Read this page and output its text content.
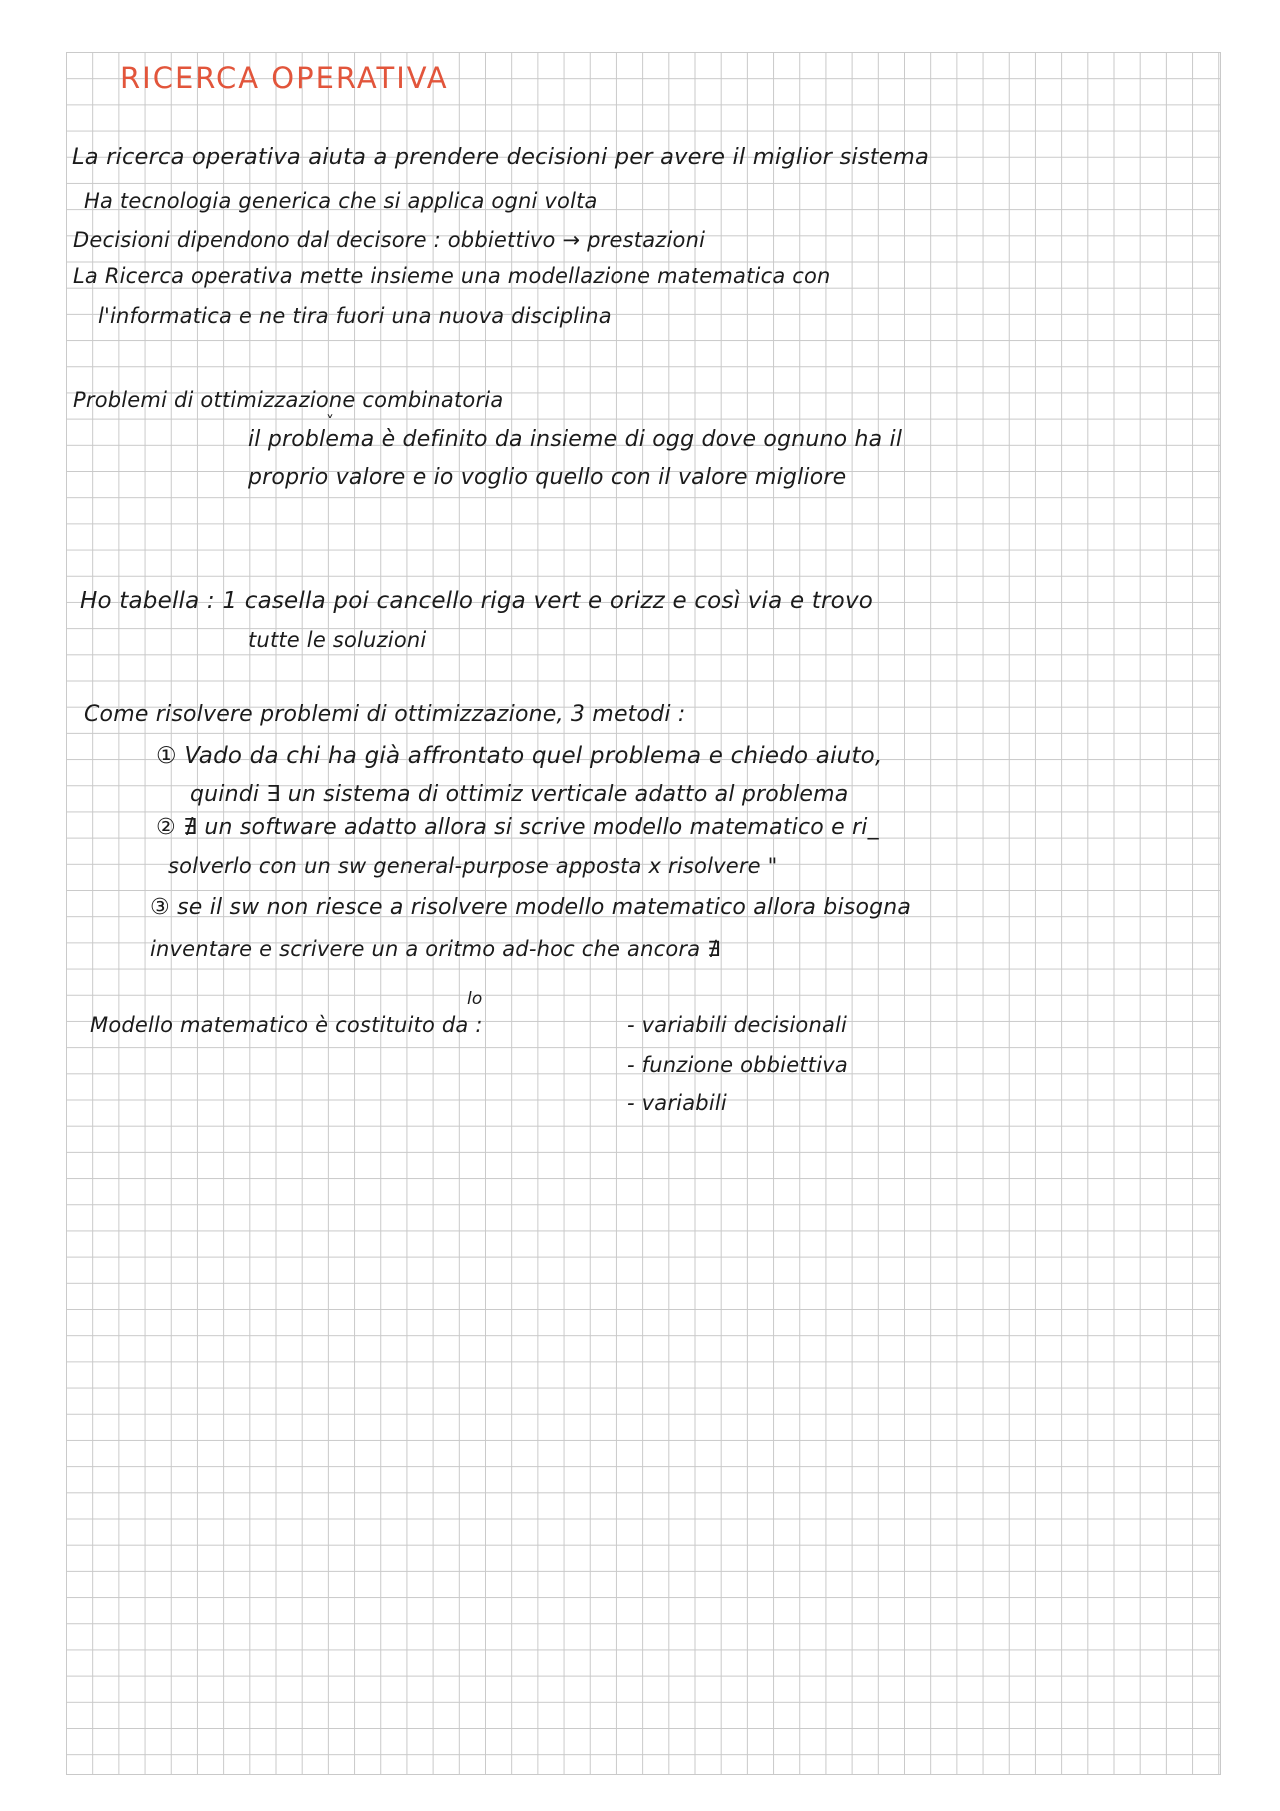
RICERCA OPERATIVA
La ricerca operativa aiuta a prendere decisioni per avere il miglior sistema
Ha tecnologia generica che si applica ogni volta
Decisioni dipendono dal decisore : obbiettivo → prestazioni
La Ricerca operativa mette insieme una modellazione matematica con
l'informatica e ne tira fuori una nuova disciplina
Problemi di ottimizzazione combinatoria
˅
il problema è definito da insieme di ogg dove ognuno ha il
proprio valore e io voglio quello con il valore migliore
Ho tabella : 1 casella poi cancello riga vert e orizz e così via e trovo
tutte le soluzioni
Come risolvere problemi di ottimizzazione, 3 metodi :
① Vado da chi ha già affrontato quel problema e chiedo aiuto,
quindi ∃ un sistema di ottimiz verticale adatto al problema
② ∄ un software adatto allora si scrive modello matematico e ri_
solverlo con un sw general-purpose apposta x risolvere "
③ se il sw non riesce a risolvere modello matematico allora bisogna
inventare e scrivere un a oritmo ad-hoc che ancora ∄
lo
Modello matematico è costituito da :	- variabili decisionali
- funzione obbiettiva
- variabili
